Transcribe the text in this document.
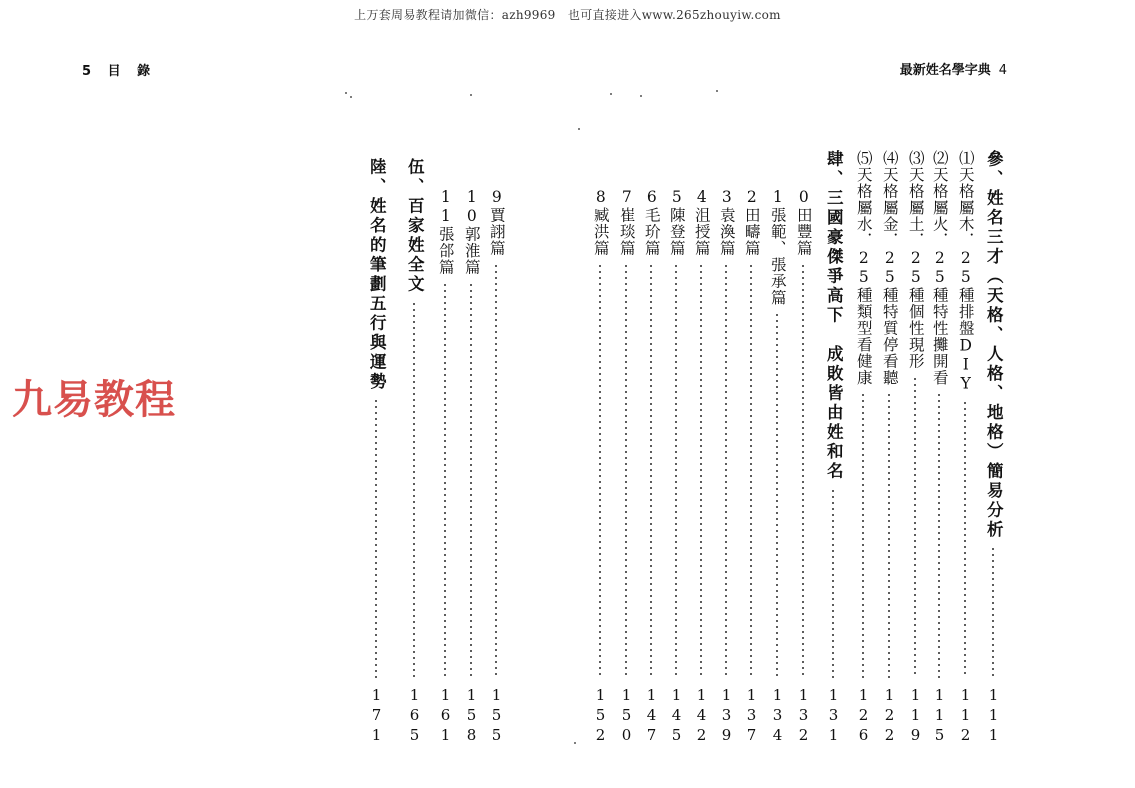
上万套周易教程请加微信：azh9969　也可直接进入www.265zhouyiw.com
5 目 錄	最新姓名學字典 4
九易教程	參、姓名三才（天格、人格、地格）簡易分析
111
⑴天格屬木．25種排盤DIY
112
⑵天格屬火．25種特性攤開看
115
⑶天格屬土．25種個性現形
119
⑷天格屬金．25種特質停看聽
122
⑸天格屬水．25種類型看健康
126
肆、三國豪傑爭高下　成敗皆由姓和名
131
0田豐篇
132
1張範、張承篇
134
2田疇篇
137
3袁渙篇
139
4沮授篇
142
5陳登篇
145
6毛玠篇
147
7崔琰篇
150
8臧洪篇
152
9賈詡篇
155
10郭淮篇
158
11張郃篇
161
伍、百家姓全文
165
陸、姓名的筆劃五行與運勢
171
